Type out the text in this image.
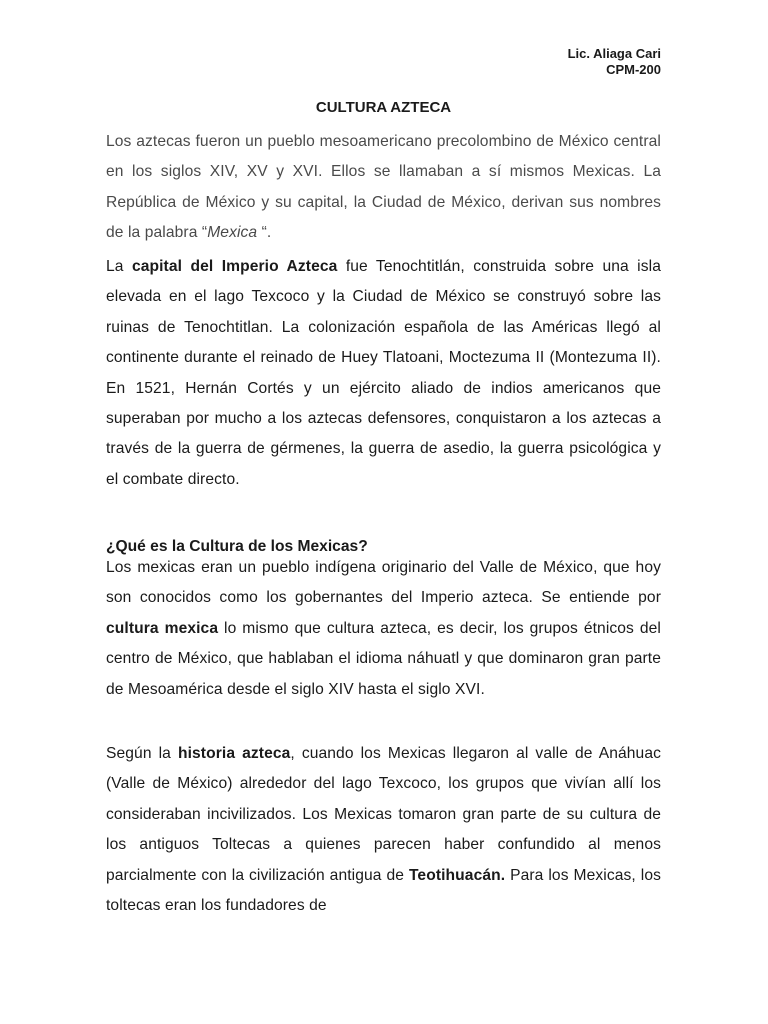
Lic. Aliaga Cari
CPM-200
CULTURA AZTECA

Los aztecas fueron un pueblo mesoamericano precolombino de México central en los siglos XIV, XV y XVI. Ellos se llamaban a sí mismos Mexicas. La República de México y su capital, la Ciudad de México, derivan sus nombres de la palabra “Mexica “.

La capital del Imperio Azteca fue Tenochtitlán, construida sobre una isla elevada en el lago Texcoco y la Ciudad de México se construyó sobre las ruinas de Tenochtitlan. La colonización española de las Américas llegó al continente durante el reinado de Huey Tlatoani, Moctezuma II (Montezuma II). En 1521, Hernán Cortés y un ejército aliado de indios americanos que superaban por mucho a los aztecas defensores, conquistaron a los aztecas a través de la guerra de gérmenes, la guerra de asedio, la guerra psicológica y el combate directo.

¿Qué es la Cultura de los Mexicas?

Los mexicas eran un pueblo indígena originario del Valle de México, que hoy son conocidos como los gobernantes del Imperio azteca. Se entiende por cultura mexica lo mismo que cultura azteca, es decir, los grupos étnicos del centro de México, que hablaban el idioma náhuatl y que dominaron gran parte de Mesoamérica desde el siglo XIV hasta el siglo XVI.

Según la historia azteca, cuando los Mexicas llegaron al valle de Anáhuac (Valle de México) alrededor del lago Texcoco, los grupos que vivían allí los consideraban incivilizados. Los Mexicas tomaron gran parte de su cultura de los antiguos Toltecas a quienes parecen haber confundido al menos parcialmente con la civilización antigua de Teotihuacán. Para los Mexicas, los toltecas eran los fundadores de
